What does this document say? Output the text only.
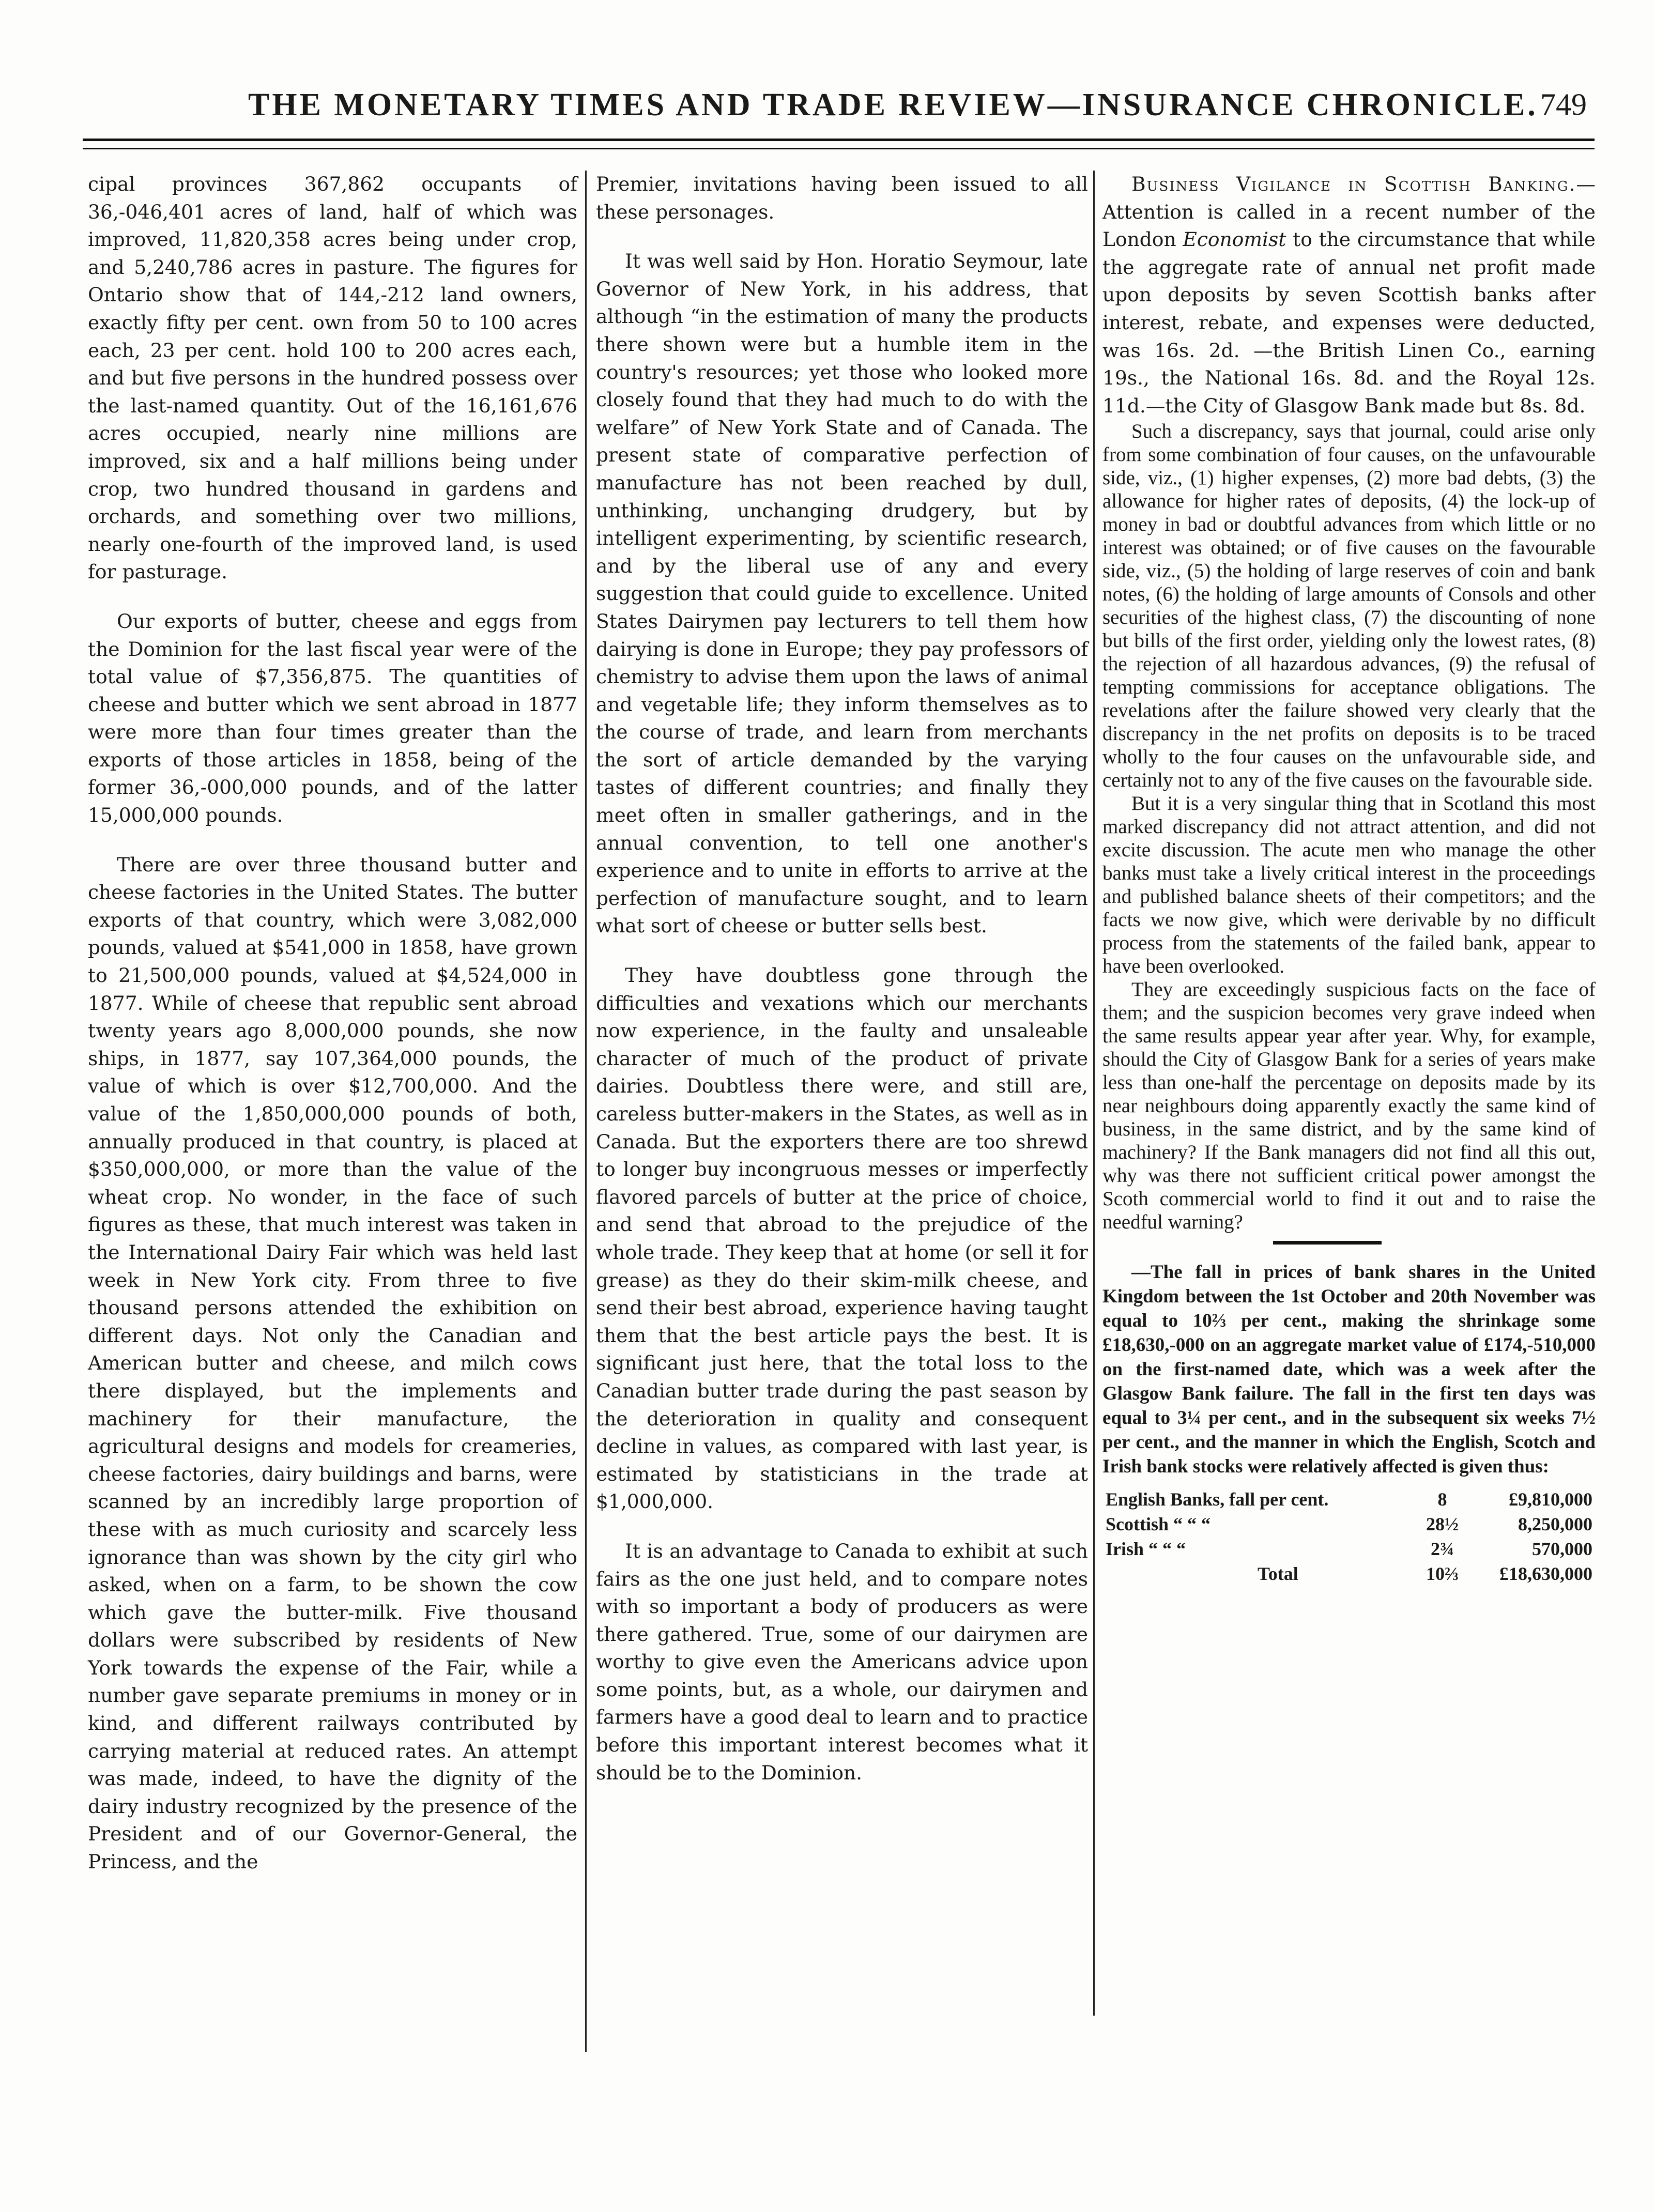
THE MONETARY TIMES AND TRADE REVIEW—INSURANCE CHRONICLE. 749

cipal provinces 367,862 occupants of 36,-046,401 acres of land, half of which was improved, 11,820,358 acres being under crop, and 5,240,786 acres in pasture. The figures for Ontario show that of 144,-212 land owners, exactly fifty per cent. own from 50 to 100 acres each, 23 per cent. hold 100 to 200 acres each, and but five persons in the hundred possess over the last-named quantity. Out of the 16,161,676 acres occupied, nearly nine millions are improved, six and a half millions being under crop, two hundred thousand in gardens and orchards, and something over two millions, nearly one-fourth of the improved land, is used for pasturage.

Our exports of butter, cheese and eggs from the Dominion for the last fiscal year were of the total value of $7,356,875. The quantities of cheese and butter which we sent abroad in 1877 were more than four times greater than the exports of those articles in 1858, being of the former 36,-000,000 pounds, and of the latter 15,000,000 pounds.

There are over three thousand butter and cheese factories in the United States. The butter exports of that country, which were 3,082,000 pounds, valued at $541,000 in 1858, have grown to 21,500,000 pounds, valued at $4,524,000 in 1877. While of cheese that republic sent abroad twenty years ago 8,000,000 pounds, she now ships, in 1877, say 107,364,000 pounds, the value of which is over $12,700,000. And the value of the 1,850,000,000 pounds of both, annually produced in that country, is placed at $350,000,000, or more than the value of the wheat crop. No wonder, in the face of such figures as these, that much interest was taken in the International Dairy Fair which was held last week in New York city. From three to five thousand persons attended the exhibition on different days. Not only the Canadian and American butter and cheese, and milch cows there displayed, but the implements and machinery for their manufacture, the agricultural designs and models for creameries, cheese factories, dairy buildings and barns, were scanned by an incredibly large proportion of these with as much curiosity and scarcely less ignorance than was shown by the city girl who asked, when on a farm, to be shown the cow which gave the butter-milk. Five thousand dollars were subscribed by residents of New York towards the expense of the Fair, while a number gave separate premiums in money or in kind, and different railways contributed by carrying material at reduced rates. An attempt was made, indeed, to have the dignity of the dairy industry recognized by the presence of the President and of our Governor-General, the Princess, and the

Premier, invitations having been issued to all these personages.

It was well said by Hon. Horatio Seymour, late Governor of New York, in his address, that although “in the estimation of many the products there shown were but a humble item in the country's resources; yet those who looked more closely found that they had much to do with the welfare” of New York State and of Canada. The present state of comparative perfection of manufacture has not been reached by dull, unthinking, unchanging drudgery, but by intelligent experimenting, by scientific research, and by the liberal use of any and every suggestion that could guide to excellence. United States Dairymen pay lecturers to tell them how dairying is done in Europe; they pay professors of chemistry to advise them upon the laws of animal and vegetable life; they inform themselves as to the course of trade, and learn from merchants the sort of article demanded by the varying tastes of different countries; and finally they meet often in smaller gatherings, and in the annual convention, to tell one another's experience and to unite in efforts to arrive at the perfection of manufacture sought, and to learn what sort of cheese or butter sells best.

They have doubtless gone through the difficulties and vexations which our merchants now experience, in the faulty and unsaleable character of much of the product of private dairies. Doubtless there were, and still are, careless butter-makers in the States, as well as in Canada. But the exporters there are too shrewd to longer buy incongruous messes or imperfectly flavored parcels of butter at the price of choice, and send that abroad to the prejudice of the whole trade. They keep that at home (or sell it for grease) as they do their skim-milk cheese, and send their best abroad, experience having taught them that the best article pays the best. It is significant just here, that the total loss to the Canadian butter trade during the past season by the deterioration in quality and consequent decline in values, as compared with last year, is estimated by statisticians in the trade at $1,000,000.

It is an advantage to Canada to exhibit at such fairs as the one just held, and to compare notes with so important a body of producers as were there gathered. True, some of our dairymen are worthy to give even the Americans advice upon some points, but, as a whole, our dairymen and farmers have a good deal to learn and to practice before this important interest becomes what it should be to the Dominion.

Business Vigilance in Scottish Banking.—Attention is called in a recent number of the London Economist to the circumstance that while the aggregate rate of annual net profit made upon deposits by seven Scottish banks after interest, rebate, and expenses were deducted, was 16s. 2d. —the British Linen Co., earning 19s., the National 16s. 8d. and the Royal 12s. 11d.—the City of Glasgow Bank made but 8s. 8d.

Such a discrepancy, says that journal, could arise only from some combination of four causes, on the unfavourable side, viz., (1) higher expenses, (2) more bad debts, (3) the allowance for higher rates of deposits, (4) the lock-up of money in bad or doubtful advances from which little or no interest was obtained; or of five causes on the favourable side, viz., (5) the holding of large reserves of coin and bank notes, (6) the holding of large amounts of Consols and other securities of the highest class, (7) the discounting of none but bills of the first order, yielding only the lowest rates, (8) the rejection of all hazardous advances, (9) the refusal of tempting commissions for acceptance obligations. The revelations after the failure showed very clearly that the discrepancy in the net profits on deposits is to be traced wholly to the four causes on the unfavourable side, and certainly not to any of the five causes on the favourable side.

But it is a very singular thing that in Scotland this most marked discrepancy did not attract attention, and did not excite discussion. The acute men who manage the other banks must take a lively critical interest in the proceedings and published balance sheets of their competitors; and the facts we now give, which were derivable by no difficult process from the statements of the failed bank, appear to have been overlooked.

They are exceedingly suspicious facts on the face of them; and the suspicion becomes very grave indeed when the same results appear year after year. Why, for example, should the City of Glasgow Bank for a series of years make less than one-half the percentage on deposits made by its near neighbours doing apparently exactly the same kind of business, in the same district, and by the same kind of machinery? If the Bank managers did not find all this out, why was there not sufficient critical power amongst the Scoth commercial world to find it out and to raise the needful warning?

—The fall in prices of bank shares in the United Kingdom between the 1st October and 20th November was equal to 10⅔ per cent., making the shrinkage some £18,630,-000 on an aggregate market value of £174,-510,000 on the first-named date, which was a week after the Glasgow Bank failure. The fall in the first ten days was equal to 3¼ per cent., and in the subsequent six weeks 7½ per cent., and the manner in which the English, Scotch and Irish bank stocks were relatively affected is given thus:

English Banks, fall per cent.	8	£9,810,000
Scottish “ “ “	28½	8,250,000
Irish “ “ “	2¾	570,000
Total	10⅔	£18,630,000
